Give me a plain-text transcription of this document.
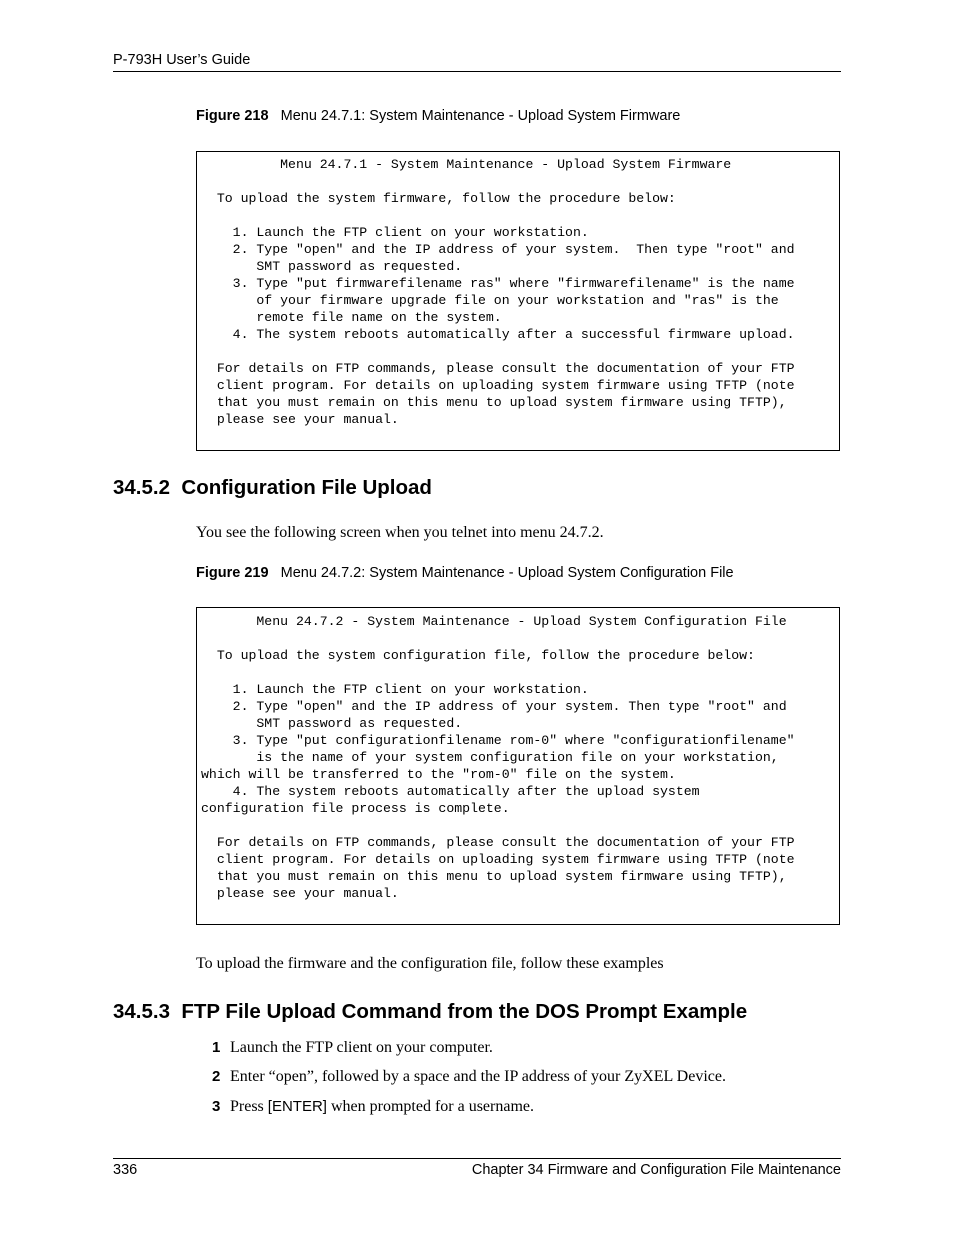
P-793H User’s Guide
Figure 218 Menu 24.7.1: System Maintenance - Upload System Firmware
Menu 24.7.1 - System Maintenance - Upload System Firmware

To upload the system firmware, follow the procedure below:

1. Launch the FTP client on your workstation.
2. Type "open" and the IP address of your system.  Then type "root" and
SMT password as requested.
3. Type "put firmwarefilename ras" where "firmwarefilename" is the name
of your firmware upgrade file on your workstation and "ras" is the
remote file name on the system.
4. The system reboots automatically after a successful firmware upload.

For details on FTP commands, please consult the documentation of your FTP
client program. For details on uploading system firmware using TFTP (note
that you must remain on this menu to upload system firmware using TFTP),
please see your manual.
34.5.2  Configuration File Upload
You see the following screen when you telnet into menu 24.7.2.
Figure 219 Menu 24.7.2: System Maintenance - Upload System Configuration File
Menu 24.7.2 - System Maintenance - Upload System Configuration File

To upload the system configuration file, follow the procedure below:

1. Launch the FTP client on your workstation.
2. Type "open" and the IP address of your system. Then type "root" and
SMT password as requested.
3. Type "put configurationfilename rom-0" where "configurationfilename"
is the name of your system configuration file on your workstation,
which will be transferred to the "rom-0" file on the system.
4. The system reboots automatically after the upload system
configuration file process is complete.

For details on FTP commands, please consult the documentation of your FTP
client program. For details on uploading system firmware using TFTP (note
that you must remain on this menu to upload system firmware using TFTP),
please see your manual.
To upload the firmware and the configuration file, follow these examples
34.5.3  FTP File Upload Command from the DOS Prompt Example
1 Launch the FTP client on your computer.
2 Enter “open”, followed by a space and the IP address of your ZyXEL Device.
3 Press [ENTER] when prompted for a username.
336	Chapter 34 Firmware and Configuration File Maintenance
